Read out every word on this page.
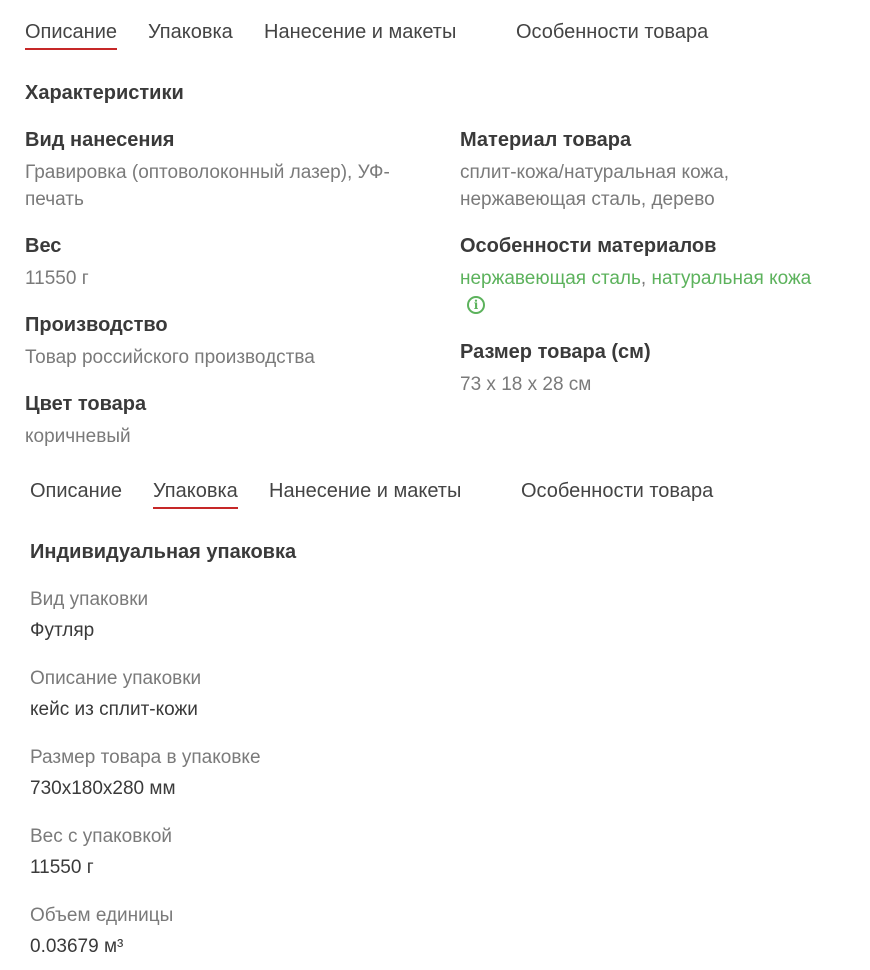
Описание Упаковка Нанесение и макеты	Особенности товара
Характеристики
Вид нанесения
Гравировка (оптоволоконный лазер), УФ-
печать
Вес
11550 г
Производство
Товар российского производства
Цвет товара
коричневый
Материал товара
сплит-кожа/натуральная кожа,
нержавеющая сталь, дерево
Особенности материалов
нержавеющая сталь, натуральная кожа
i
Размер товара (см)
73 x 18 x 28 см
Описание Упаковка Нанесение и макеты	Особенности товара
Индивидуальная упаковка
Вид упаковки
Футляр
Описание упаковки
кейс из сплит-кожи
Размер товара в упаковке
730x180x280 мм
Вес с упаковкой
11550 г
Объем единицы
0.03679 м³
